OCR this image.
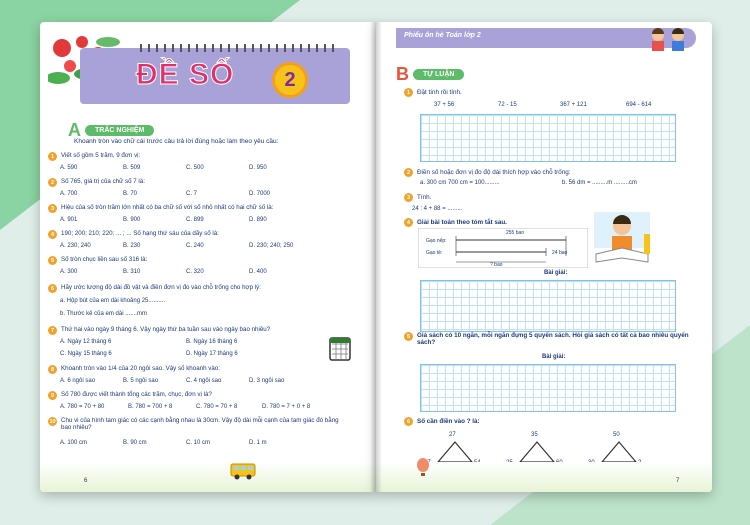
ĐỀ SỐ	2
A	TRẮC NGHIỆM
Khoanh tròn vào chữ cái trước câu trả lời đúng hoặc làm theo yêu cầu:
1	Viết số gồm 5 trăm, 9 đơn vị:
A. 590	B. 509	C. 500	D. 950
2	Số 765, giá trị của chữ số 7 là:
A. 700	B. 70	C. 7	D. 7000
3	Hiệu của số tròn trăm lớn nhất có ba chữ số với số nhỏ nhất có hai chữ số là:
A. 901	B. 900	C. 899	D. 890
4	190; 200; 210; 220; ... ; ... Số hạng thứ sáu của dãy số là:
A. 230; 240	B. 230	C. 240	D. 230; 240; 250
5	Số tròn chục liền sau số 316 là:
A. 300	B. 310	C. 320	D. 400
6	Hãy ước lượng độ dài đồ vật và điền đơn vị đo vào chỗ trống cho hợp lý:
a. Hộp bút của em dài khoảng 25..........
b. Thước kẻ của em dài .......mm
7	Thứ hai vào ngày 9 tháng 6. Vậy ngày thứ ba tuần sau vào ngày bao nhiêu?
A. Ngày 12 tháng 6	B. Ngày 16 tháng 6
C. Ngày 15 tháng 6	D. Ngày 17 tháng 6
8	Khoanh tròn vào 1/4 của 20 ngôi sao. Vậy số khoanh vào:
A. 6 ngôi sao	B. 5 ngôi sao	C. 4 ngôi sao	D. 3 ngôi sao
9	Số 780 được viết thành tổng các trăm, chục, đơn vị là?
A. 780 = 70 + 80	B. 780 = 700 + 8	C. 780 = 70 + 8	D. 780 = 7 + 0 + 8
10 Chu vi của hình tam giác có các cạnh bằng nhau là 30cm. Vậy độ dài mỗi cạnh của tam giác đó bằng bao nhiêu?
A. 100 cm	B. 90 cm	C. 10 cm	D. 1 m
6
Phiếu ôn hè Toán lớp 2
B	TỰ LUẬN
1	Đặt tính rồi tính.
37 + 56	72 - 15	367 + 121	694 - 614
2	Điền số hoặc đơn vị đo độ dài thích hợp vào chỗ trống:
a. 300 cm 700 cm = 100.........	b. 56 dm = .........m .........cm
3	Tính.
24 : 4 + 88 = .........
4	Giải bài toán theo tóm tắt sau.
Gạo nếp:
Gạo tẻ:
255 bao
24 bao
? bao
Bài giải:
5	Giá sách có 10 ngăn, mỗi ngăn đựng 5 quyển sách. Hỏi giá sách có tất cả bao nhiêu quyển sách?
Bài giải:
6	Số cần điền vào ? là:
27	35	50
7
